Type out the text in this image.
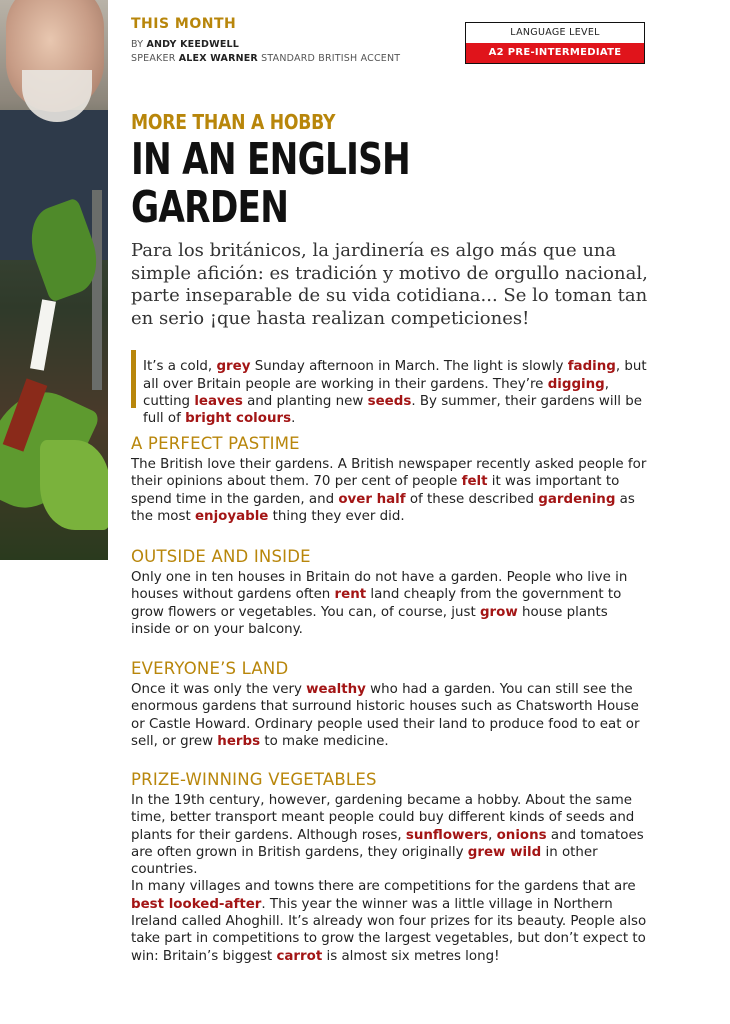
THIS MONTH
BY ANDY KEEDWELL
SPEAKER ALEX WARNER STANDARD BRITISH ACCENT
LANGUAGE LEVEL
A2 PRE-INTERMEDIATE
MORE THAN A HOBBY
IN AN ENGLISH
GARDEN
Para los británicos, la jardinería es algo más que una simple afición: es tradición y motivo de orgullo nacional, parte inseparable de su vida cotidiana... Se lo toman tan en serio ¡que hasta realizan competiciones!

It’s a cold, grey Sunday afternoon in March. The light is slowly fading, but all over Britain people are working in their gardens. They’re digging, cutting leaves and planting new seeds. By summer, their gardens will be full of bright colours.

A PERFECT PASTIME

The British love their gardens. A British newspaper recently asked people for their opinions about them. 70 per cent of people felt it was important to spend time in the garden, and over half of these described gardening as the most enjoyable thing they ever did.

OUTSIDE AND INSIDE

Only one in ten houses in Britain do not have a garden. People who live in houses without gardens often rent land cheaply from the government to grow flowers or vegetables. You can, of course, just grow house plants inside or on your balcony.

EVERYONE’S LAND

Once it was only the very wealthy who had a garden. You can still see the enormous gardens that surround historic houses such as Chatsworth House or Castle Howard. Ordinary people used their land to produce food to eat or sell, or grew herbs to make medicine.

PRIZE-WINNING VEGETABLES

In the 19th century, however, gardening became a hobby. About the same time, better transport meant people could buy different kinds of seeds and plants for their gardens. Although roses, sunflowers, onions and tomatoes are often grown in British gardens, they originally grew wild in other countries.

In many villages and towns there are competitions for the gardens that are best looked-after. This year the winner was a little village in Northern Ireland called Ahoghill. It’s already won four prizes for its beauty. People also take part in competitions to grow the largest vegetables, but don’t expect to win: Britain’s biggest carrot is almost six metres long!
